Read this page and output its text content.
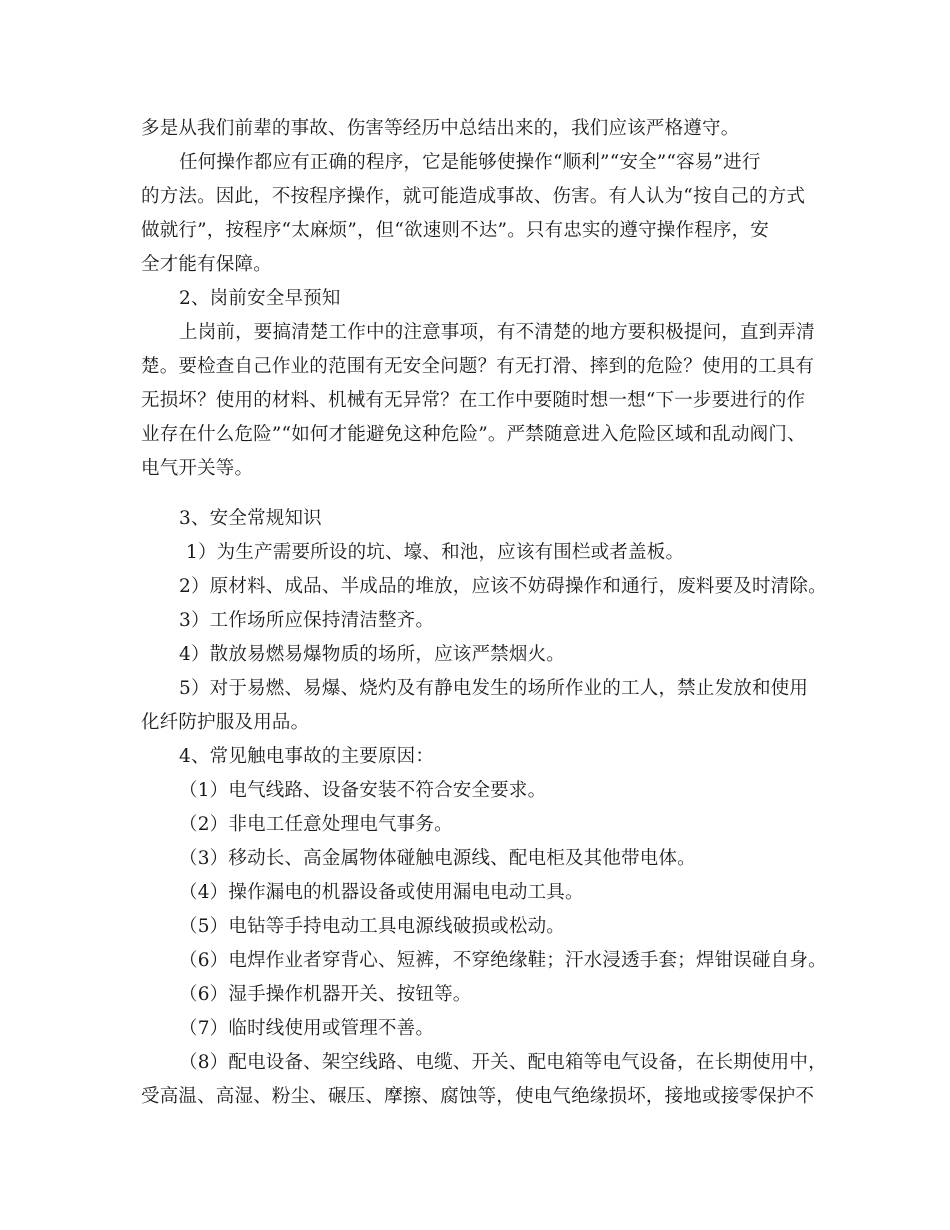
多是从我们前辈的事故、伤害等经历中总结出来的，我们应该严格遵守。
任何操作都应有正确的程序，它是能够使操作“顺利”“安全”“容易”进行
的方法。因此，不按程序操作，就可能造成事故、伤害。有人认为“按自己的方式
做就行”，按程序“太麻烦”，但“欲速则不达”。只有忠实的遵守操作程序，安
全才能有保障。
2、岗前安全早预知
上岗前，要搞清楚工作中的注意事项，有不清楚的地方要积极提问，直到弄清
楚。要检查自己作业的范围有无安全问题？有无打滑、摔到的危险？使用的工具有
无损坏？使用的材料、机械有无异常？在工作中要随时想一想“下一步要进行的作
业存在什么危险”“如何才能避免这种危险”。严禁随意进入危险区域和乱动阀门、
电气开关等。
3、安全常规知识
1）为生产需要所设的坑、壕、和池，应该有围栏或者盖板。
2）原材料、成品、半成品的堆放，应该不妨碍操作和通行，废料要及时清除。
3）工作场所应保持清洁整齐。
4）散放易燃易爆物质的场所，应该严禁烟火。
5）对于易燃、易爆、烧灼及有静电发生的场所作业的工人，禁止发放和使用
化纤防护服及用品。
4、常见触电事故的主要原因：
（1）电气线路、设备安装不符合安全要求。
（2）非电工任意处理电气事务。
（3）移动长、高金属物体碰触电源线、配电柜及其他带电体。
（4）操作漏电的机器设备或使用漏电电动工具。
（5）电钻等手持电动工具电源线破损或松动。
（6）电焊作业者穿背心、短裤，不穿绝缘鞋；汗水浸透手套；焊钳误碰自身。
（6）湿手操作机器开关、按钮等。
（7）临时线使用或管理不善。
（8）配电设备、架空线路、电缆、开关、配电箱等电气设备，在长期使用中，
受高温、高湿、粉尘、碾压、摩擦、腐蚀等，使电气绝缘损坏，接地或接零保护不
